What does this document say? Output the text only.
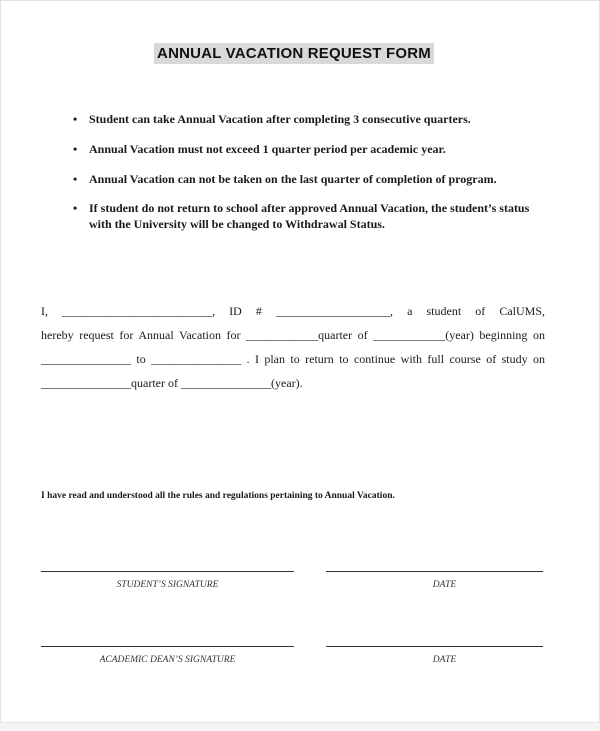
ANNUAL VACATION REQUEST FORM
• Student can take Annual Vacation after completing 3 consecutive quarters.
• Annual Vacation must not exceed 1 quarter period per academic year.
• Annual Vacation can not be taken on the last quarter of completion of program.
• If student do not return to school after approved Annual Vacation, the student’s status with the University will be changed to Withdrawal Status.
I, _________________________, ID # ___________________, a student of CalUMS,
hereby request for Annual Vacation for ____________quarter of ____________(year) beginning on
_______________ to _______________ . I plan to return to continue with full course of study on
_______________quarter of _______________(year).
I have read and understood all the rules and regulations pertaining to Annual Vacation.
STUDENT’S SIGNATURE	DATE
ACADEMIC DEAN’S SIGNATURE	DATE
